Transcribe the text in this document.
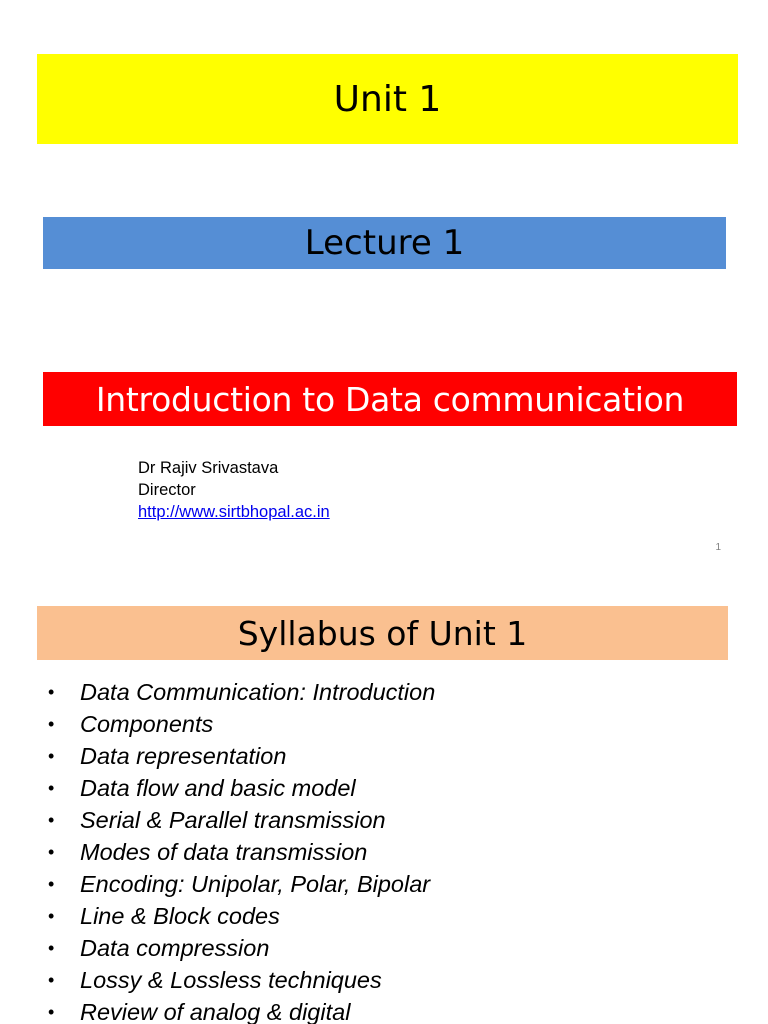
Unit 1
Lecture 1
Introduction to Data communication
Dr Rajiv Srivastava
Director
http://www.sirtbhopal.ac.in
1
Syllabus of Unit 1
• Data Communication: Introduction
• Components
• Data representation
• Data flow and basic model
• Serial & Parallel transmission
• Modes of data transmission
• Encoding: Unipolar, Polar, Bipolar
• Line & Block codes
• Data compression
• Lossy & Lossless techniques
• Review of analog & digital
